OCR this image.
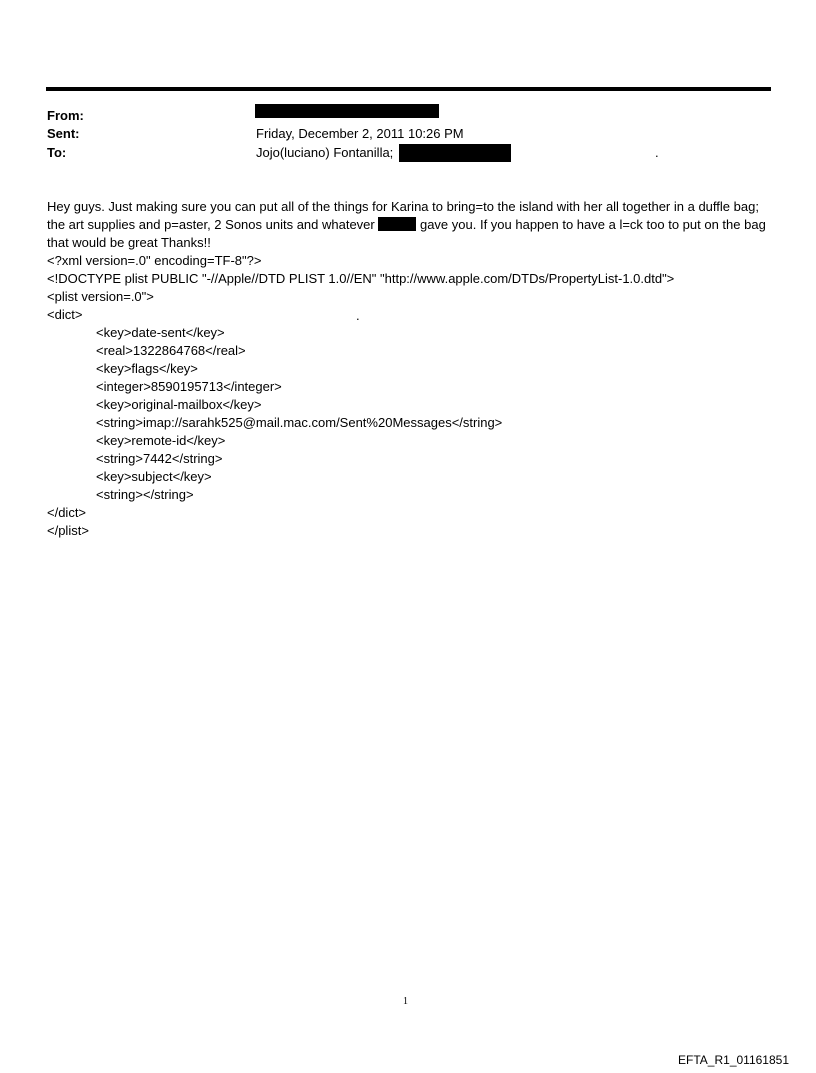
From:
Sent:	Friday, December 2, 2011 10:26 PM
To:	Jojo(luciano) Fontanilla;	.
Hey guys. Just making sure you can put all of the things for Karina to bring=to the island with her all together in a duffle bag; the art supplies and p=aster, 2 Sonos units and whatever	gave you. If you happen to have a l=ck too to put on the bag that would be great Thanks!!
<?xml version=.0" encoding=TF-8"?>
<!DOCTYPE plist PUBLIC "-//Apple//DTD PLIST 1.0//EN" "http://www.apple.com/DTDs/PropertyList-1.0.dtd">
<plist version=.0">
<dict>	.
<key>date-sent</key>
<real>1322864768</real>
<key>flags</key>
<integer>8590195713</integer>
<key>original-mailbox</key>
<string>imap://sarahk525@mail.mac.com/Sent%20Messages</string>
<key>remote-id</key>
<string>7442</string>
<key>subject</key>
<string></string>
</dict>
</plist>
1
EFTA_R1_01161851
